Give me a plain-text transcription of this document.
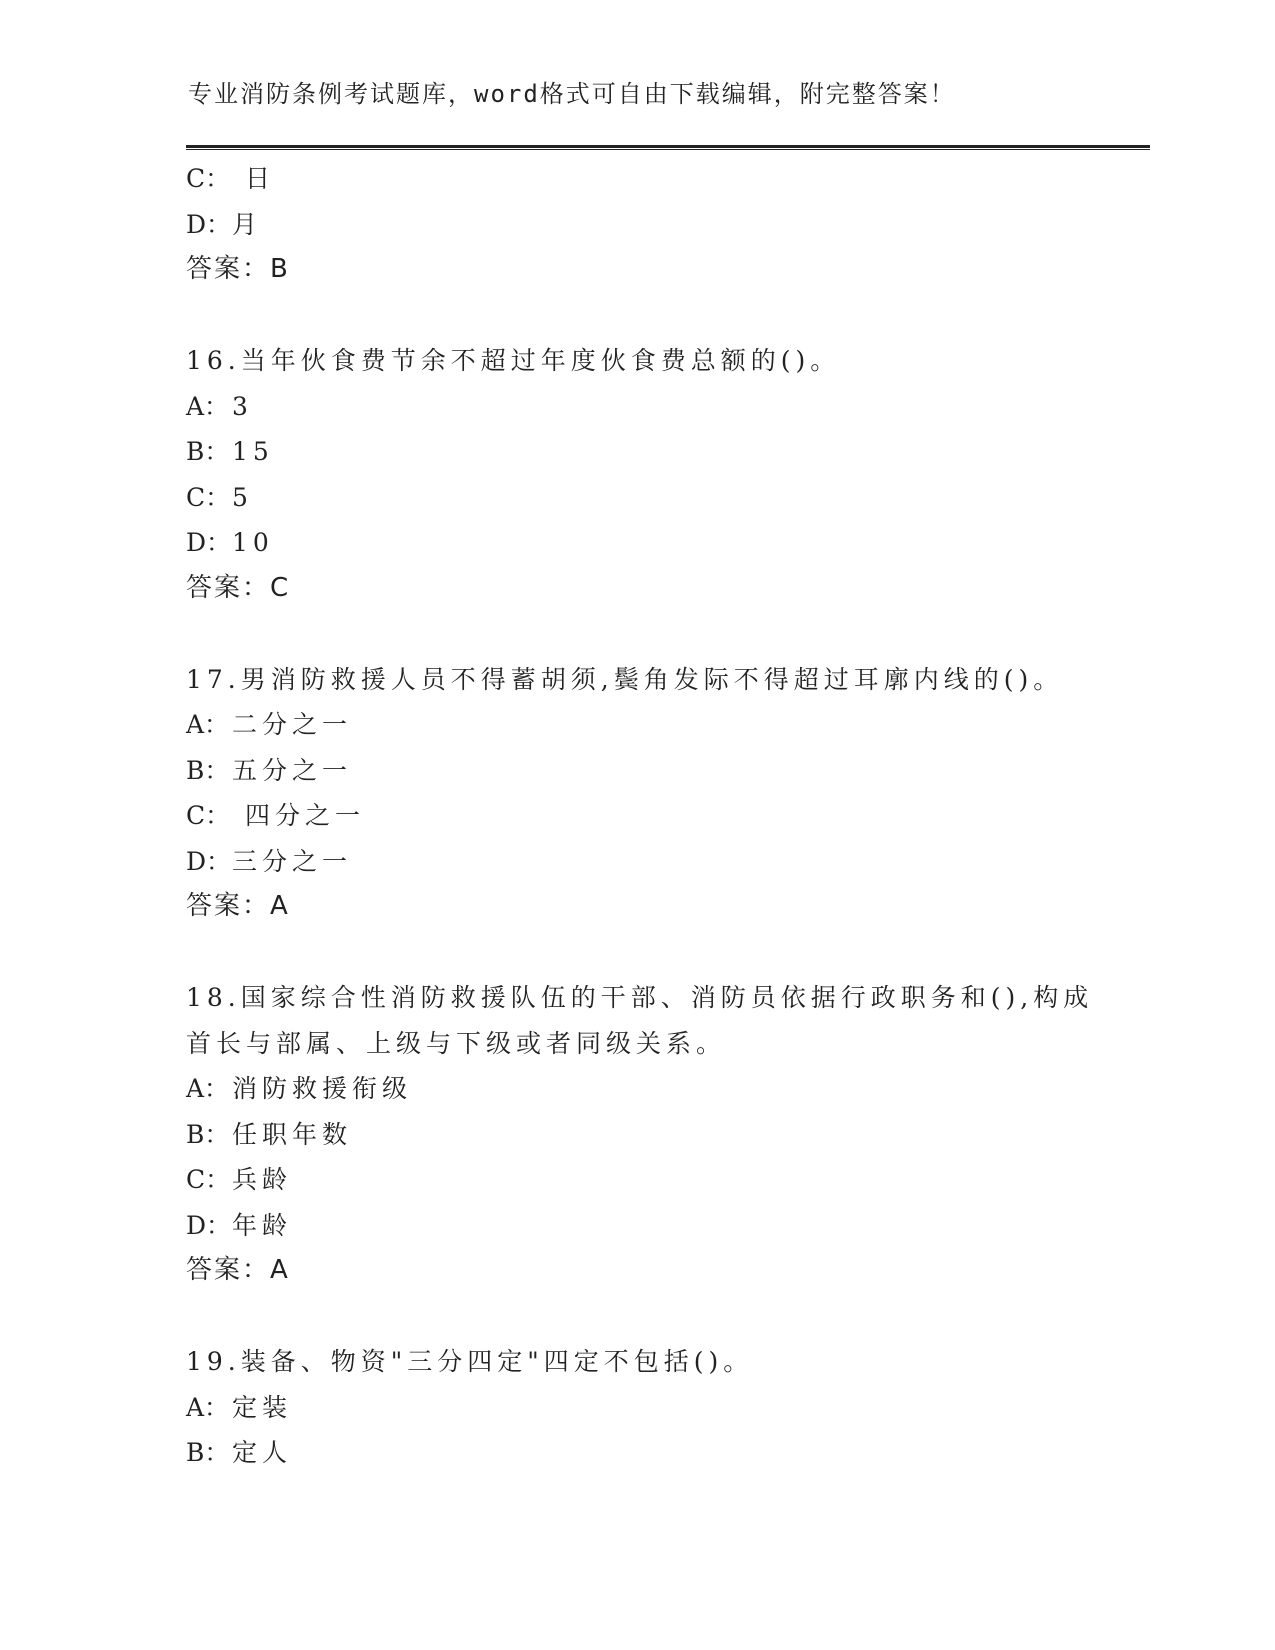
专业消防条例考试题库，word格式可自由下载编辑，附完整答案！
C： 日
D：月
答案：B
16.当年伙食费节余不超过年度伙食费总额的()。
A： 3
B： 15
C：5
D：10
答案：C
17.男消防救援人员不得蓄胡须,鬓角发际不得超过耳廓内线的()。
A： 二分之一
B： 五分之一
C： 四分之一
D：三分之一
答案：A
18.国家综合性消防救援队伍的干部、消防员依据行政职务和(),构成
首长与部属、上级与下级或者同级关系。
A： 消防救援衔级
B： 任职年数
C：兵龄
D：年龄
答案：A
19.装备、物资"三分四定"四定不包括()。
A： 定装
B： 定人
